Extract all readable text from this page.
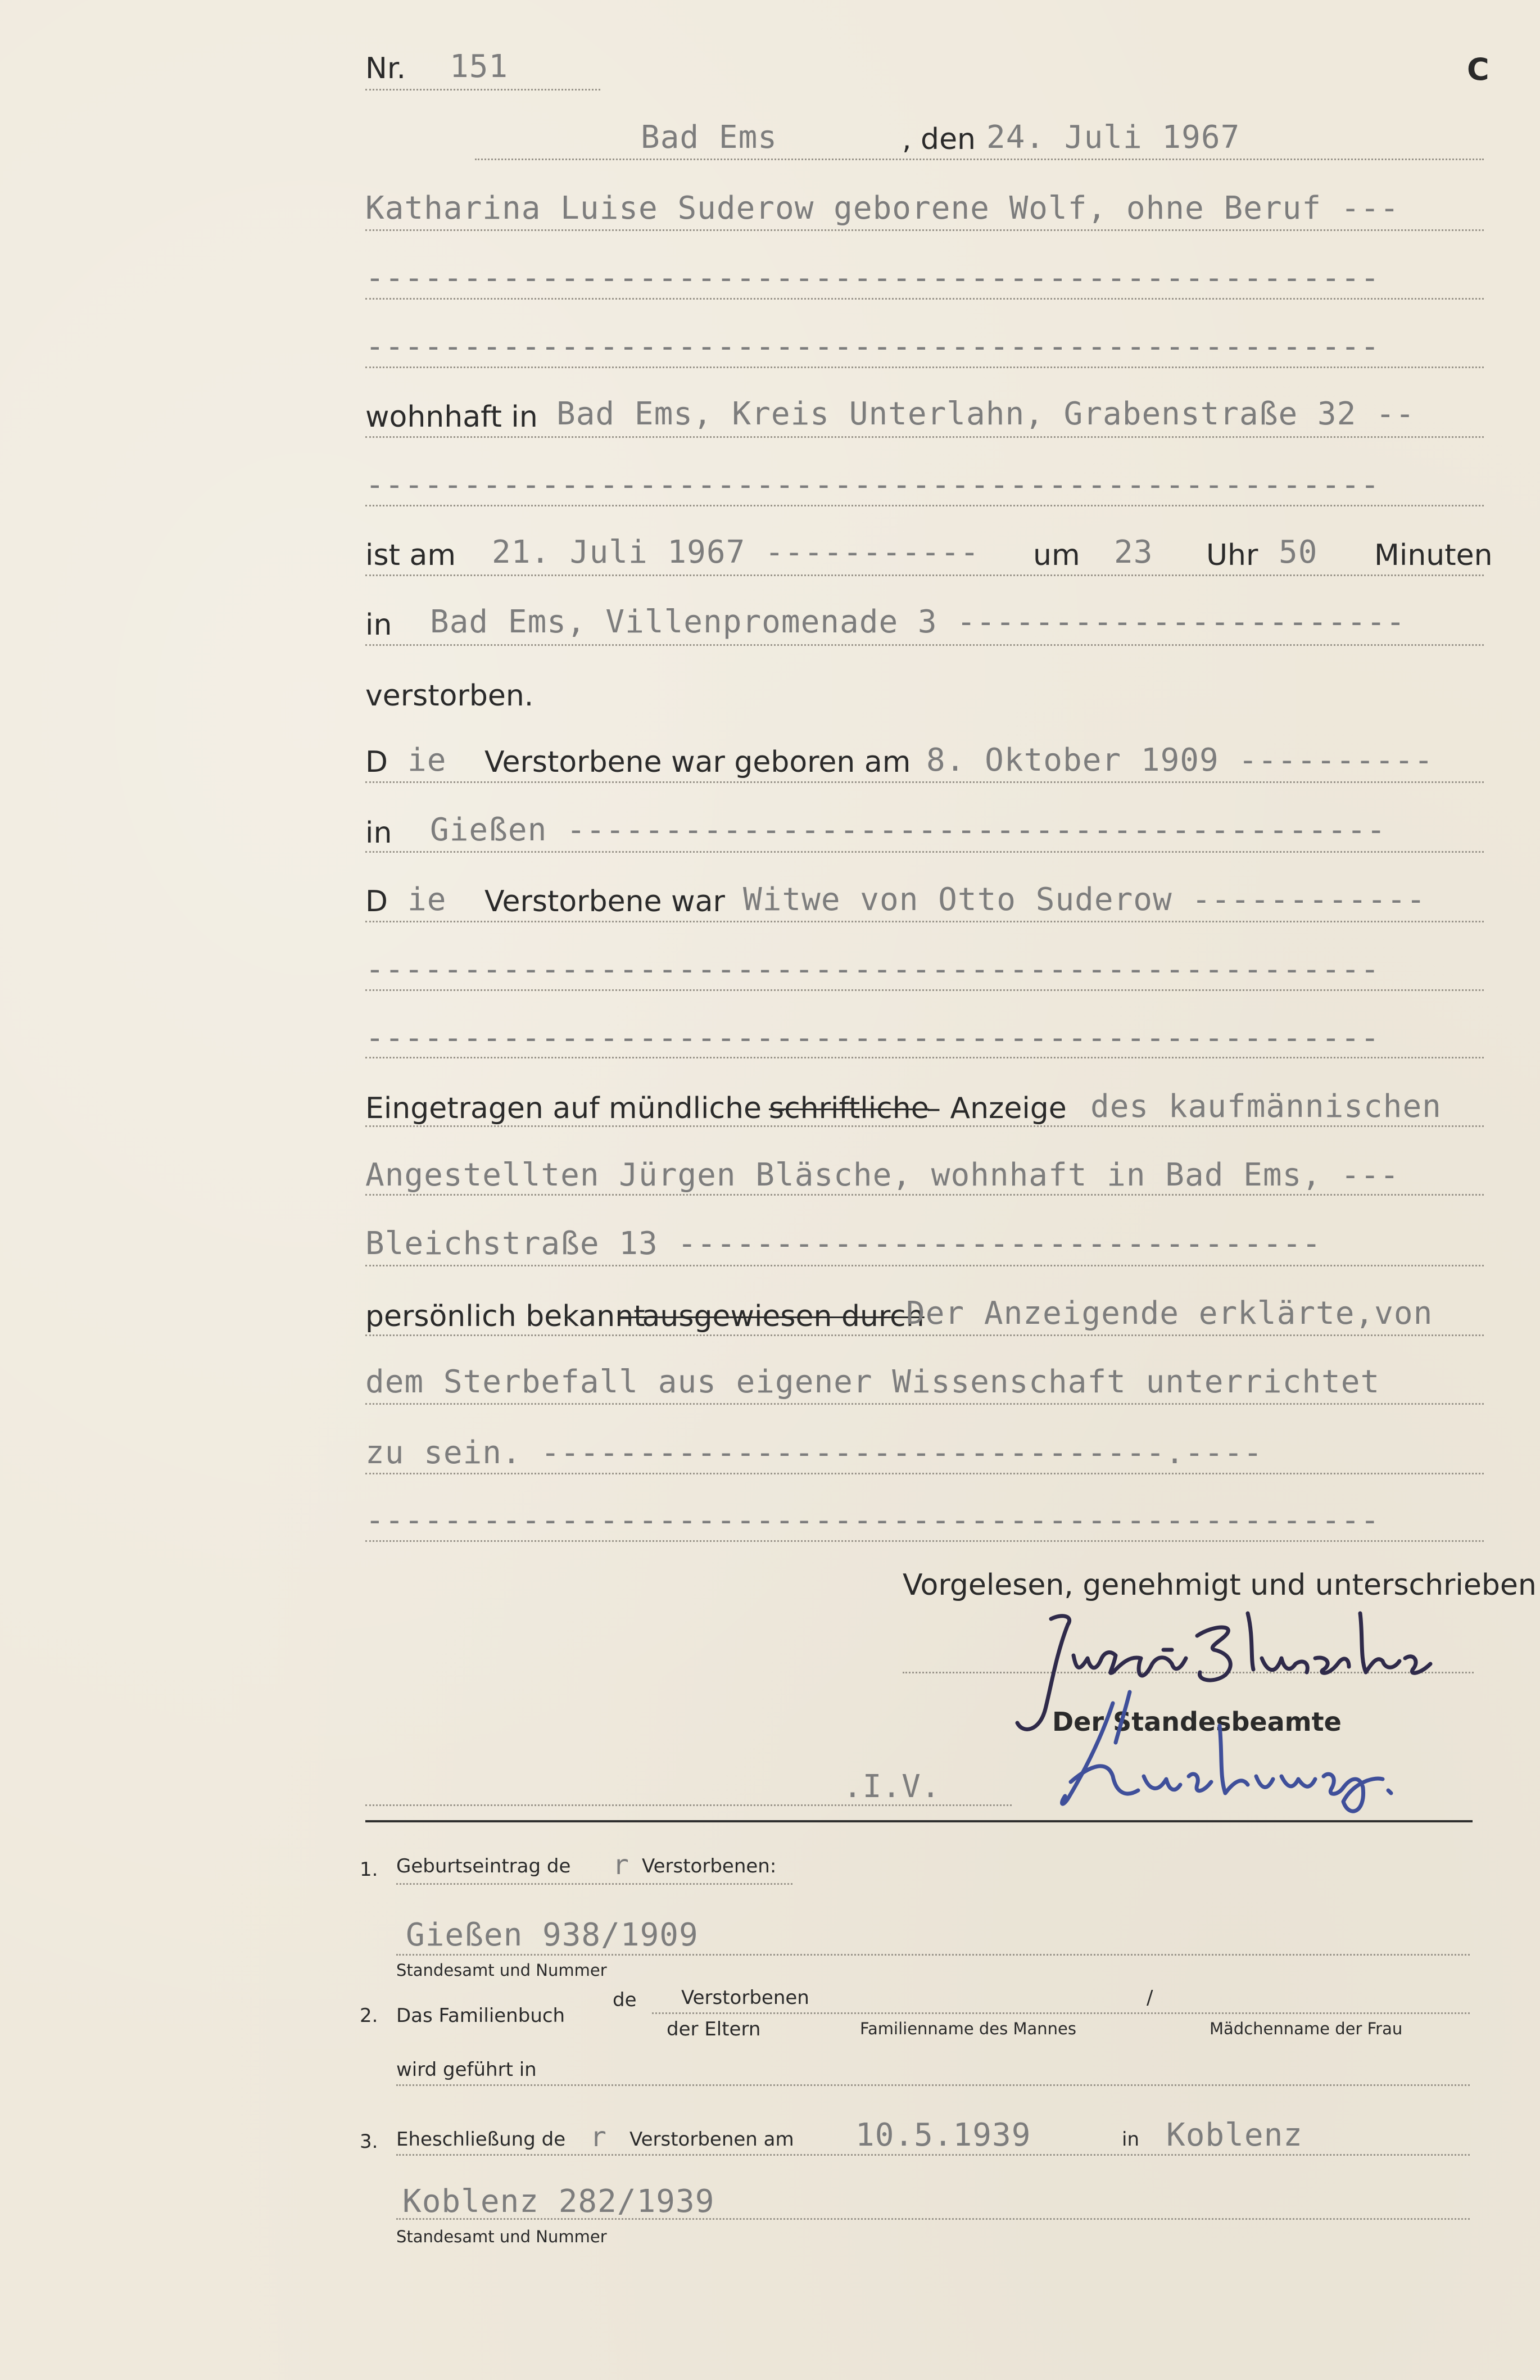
Nr. 151	C
Bad Ems	, den 24. Juli 1967
Katharina Luise Suderow geborene Wolf, ohne Beruf ---
----------------------------------------------------
----------------------------------------------------
wohnhaft in Bad Ems, Kreis Unterlahn, Grabenstraße 32 --
----------------------------------------------------
ist am 21. Juli 1967 ----------- um 23 Uhr 50 Minuten
in Bad Ems, Villenpromenade 3 -----------------------
verstorben.
D ie Verstorbene war geboren am 8. Oktober 1909 ----------
in Gießen ------------------------------------------
D ie Verstorbene war Witwe von Otto Suderow ------------
----------------------------------------------------
----------------------------------------------------
Eingetragen auf mündliche –
schriftliche
– Anzeige des kaufmännischen
Angestellten Jürgen Bläsche, wohnhaft in Bad Ems, ---
Bleichstraße 13 ---------------------------------
persönlich bekannt
– ausgewiesen durch
Der Anzeigende erklärte,von
dem Sterbefall aus eigener Wissenschaft unterrichtet
zu sein. --------------------------------.----
----------------------------------------------------
Vorgelesen, genehmigt und unterschrieben
Der Standesbeamte
.I.V.
1. Geburtseintrag de r Verstorbenen:
Gießen 938/1909
Standesamt und Nummer
2. Das Familienbuch
de Verstorbenen
der Eltern
/
Familienname des Mannes	Mädchenname der Frau
wird geführt in
3. Eheschließung de r Verstorbenen am 10.5.1939	in Koblenz
Koblenz 282/1939
Standesamt und Nummer
